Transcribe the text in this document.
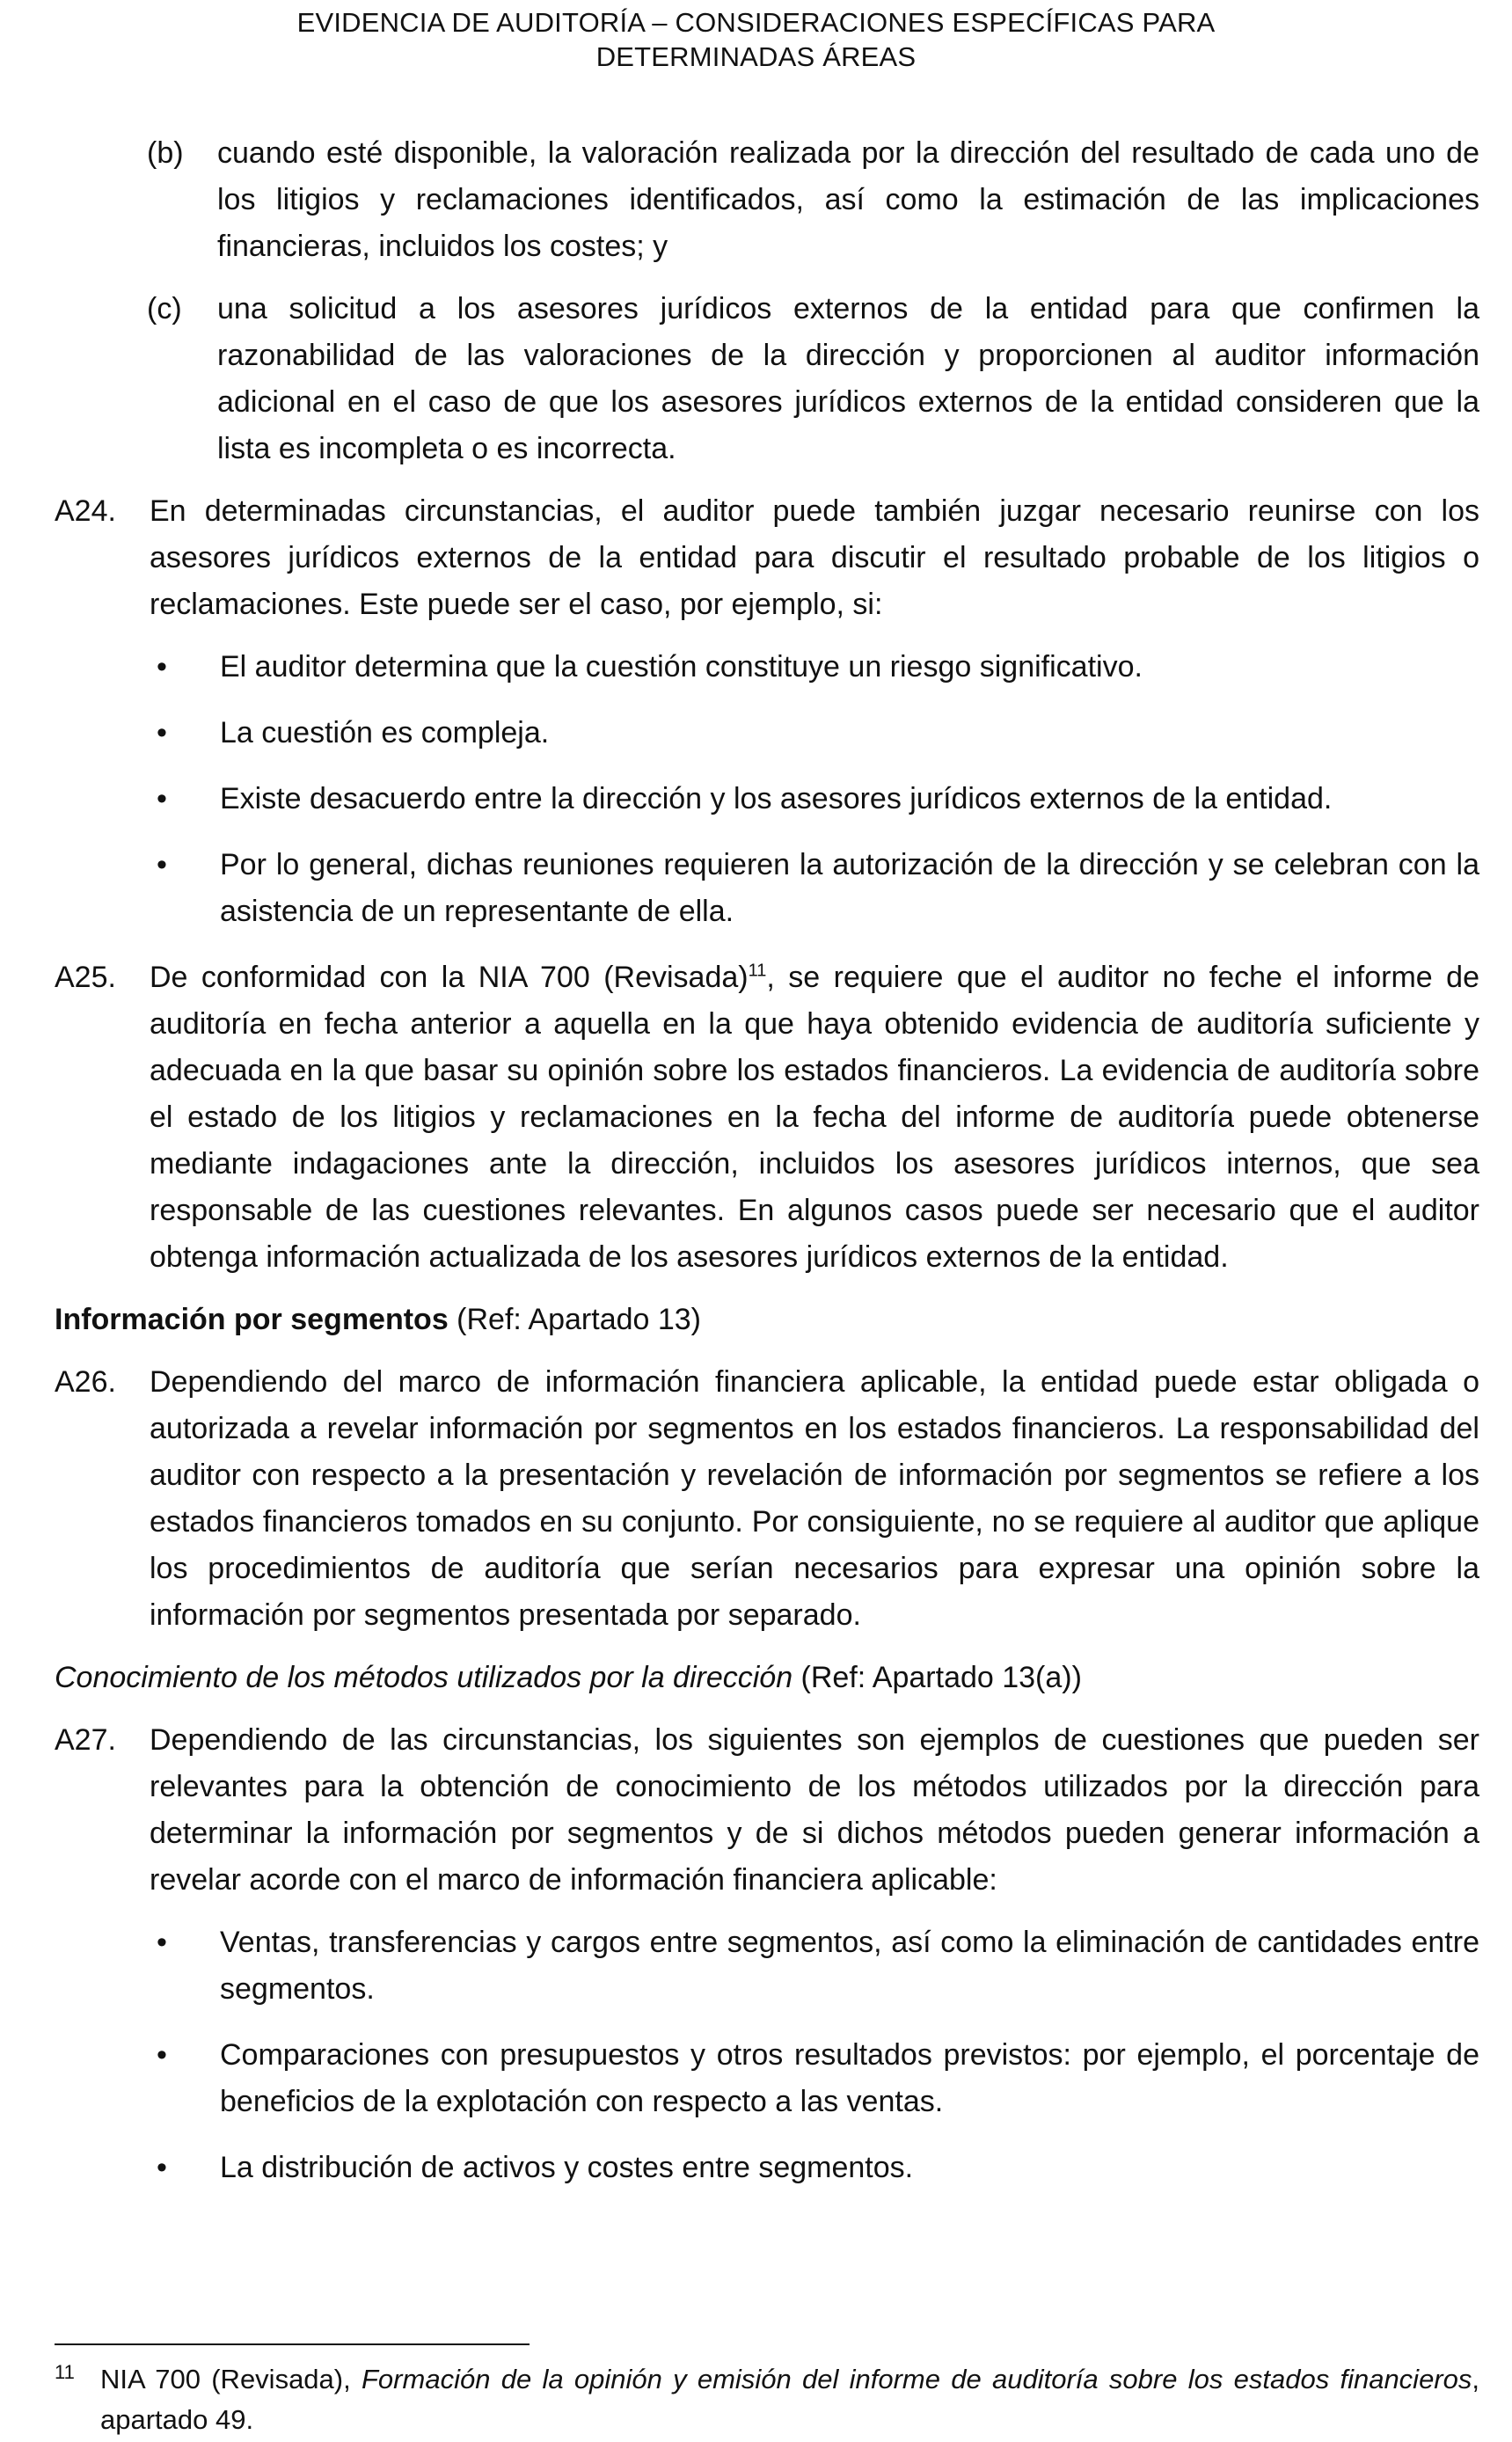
EVIDENCIA DE AUDITORÍA – CONSIDERACIONES ESPECÍFICAS PARA
DETERMINADAS ÁREAS
(b)	cuando esté disponible, la valoración realizada por la dirección del resultado de cada uno de los litigios y reclamaciones identificados, así como la estimación de las implicaciones financieras, incluidos los costes; y
(c)	una solicitud a los asesores jurídicos externos de la entidad para que confirmen la razonabilidad de las valoraciones de la dirección y proporcionen al auditor información adicional en el caso de que los asesores jurídicos externos de la entidad consideren que la lista es incompleta o es incorrecta.
A24.	En determinadas circunstancias, el auditor puede también juzgar necesario reunirse con los asesores jurídicos externos de la entidad para discutir el resultado probable de los litigios o reclamaciones. Este puede ser el caso, por ejemplo, si:
•	El auditor determina que la cuestión constituye un riesgo significativo.
•	La cuestión es compleja.
•	Existe desacuerdo entre la dirección y los asesores jurídicos externos de la entidad.
•	Por lo general, dichas reuniones requieren la autorización de la dirección y se celebran con la asistencia de un representante de ella.
A25.	De conformidad con la NIA 700 (Revisada)$^{11}$, se requiere que el auditor no feche el informe de auditoría en fecha anterior a aquella en la que haya obtenido evidencia de auditoría suficiente y adecuada en la que basar su opinión sobre los estados financieros. La evidencia de auditoría sobre el estado de los litigios y reclamaciones en la fecha del informe de auditoría puede obtenerse mediante indagaciones ante la dirección, incluidos los asesores jurídicos internos, que sea responsable de las cuestiones relevantes. En algunos casos puede ser necesario que el auditor obtenga información actualizada de los asesores jurídicos externos de la entidad.
Información por segmentos (Ref: Apartado 13)
A26.	Dependiendo del marco de información financiera aplicable, la entidad puede estar obligada o autorizada a revelar información por segmentos en los estados financieros. La responsabilidad del auditor con respecto a la presentación y revelación de información por segmentos se refiere a los estados financieros tomados en su conjunto. Por consiguiente, no se requiere al auditor que aplique los procedimientos de auditoría que serían necesarios para expresar una opinión sobre la información por segmentos presentada por separado.
Conocimiento de los métodos utilizados por la dirección (Ref: Apartado 13(a))
A27.	Dependiendo de las circunstancias, los siguientes son ejemplos de cuestiones que pueden ser relevantes para la obtención de conocimiento de los métodos utilizados por la dirección para determinar la información por segmentos y de si dichos métodos pueden generar información a revelar acorde con el marco de información financiera aplicable:
•	Ventas, transferencias y cargos entre segmentos, así como la eliminación de cantidades entre segmentos.
•	Comparaciones con presupuestos y otros resultados previstos: por ejemplo, el porcentaje de beneficios de la explotación con respecto a las ventas.
•	La distribución de activos y costes entre segmentos.
11 NIA 700 (Revisada), Formación de la opinión y emisión del informe de auditoría sobre los estados financieros, apartado 49.
